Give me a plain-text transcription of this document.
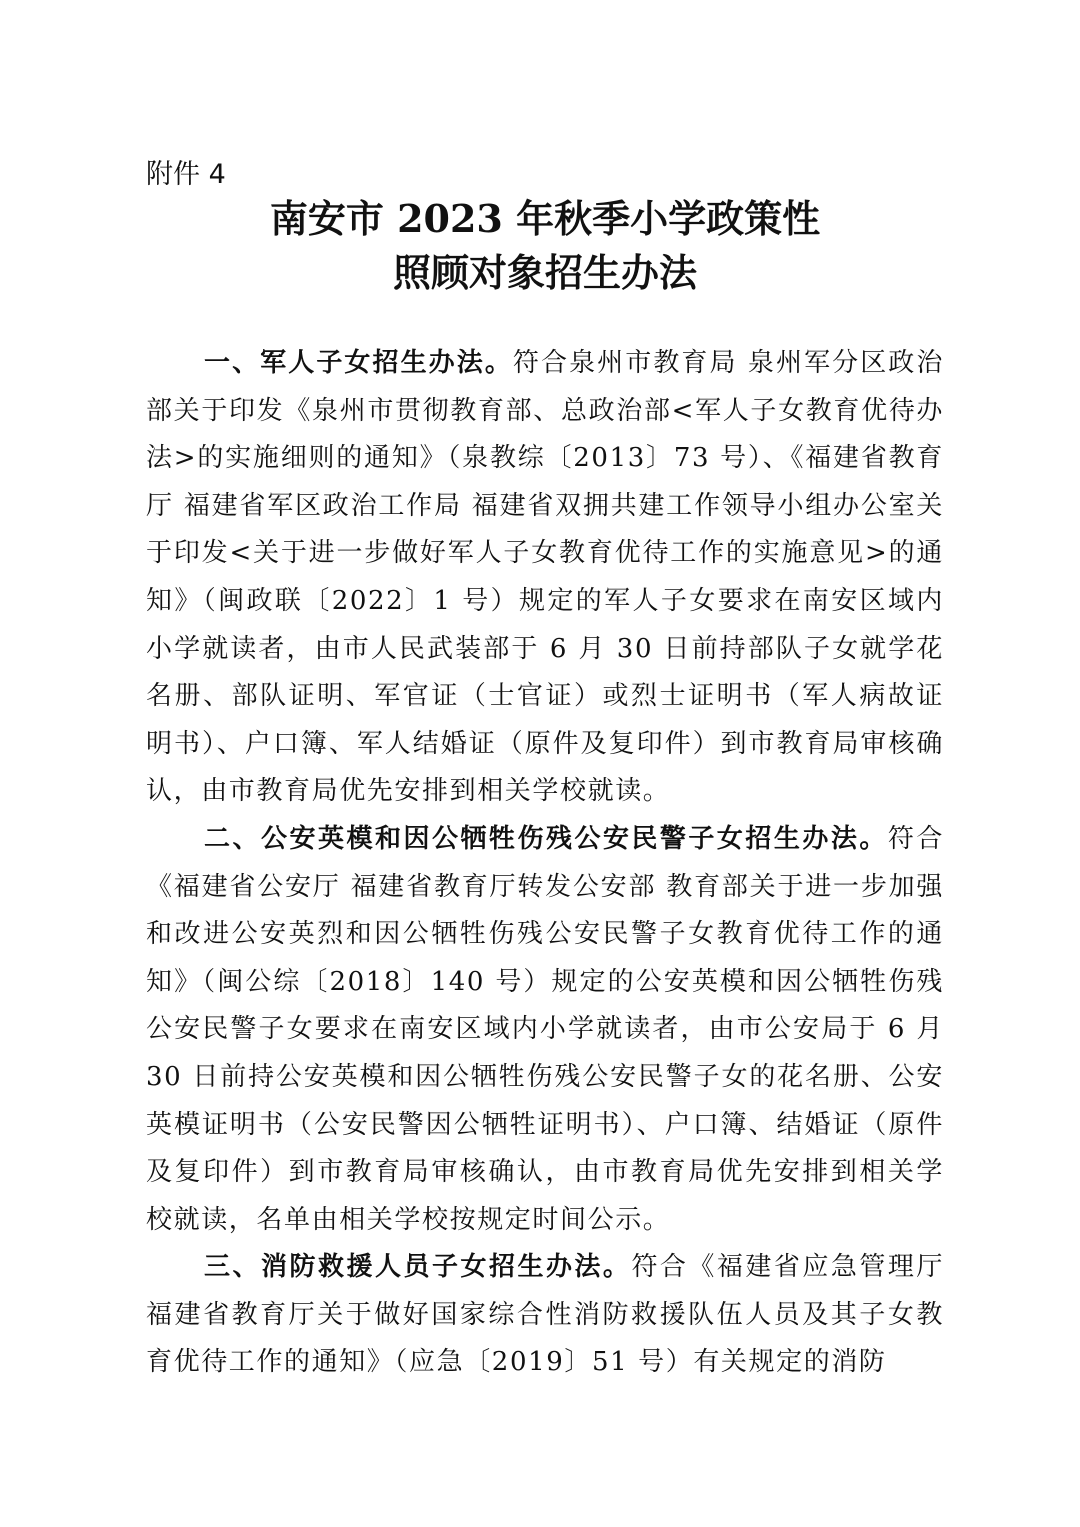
附件 4
南安市 2023 年秋季小学政策性
照顾对象招生办法

一、军人子女招生办法。符合泉州市教育局 泉州军分区政治部关于印发《泉州市贯彻教育部、总政治部<军人子女教育优待办法>的实施细则的通知》（泉教综〔2013〕73 号）、《福建省教育厅 福建省军区政治工作局 福建省双拥共建工作领导小组办公室关于印发<关于进一步做好军人子女教育优待工作的实施意见>的通知》（闽政联〔2022〕1 号）规定的军人子女要求在南安区域内小学就读者，由市人民武装部于 6 月 30 日前持部队子女就学花名册、部队证明、军官证（士官证）或烈士证明书（军人病故证明书）、户口簿、军人结婚证（原件及复印件）到市教育局审核确认，由市教育局优先安排到相关学校就读。

二、公安英模和因公牺牲伤残公安民警子女招生办法。符合《福建省公安厅 福建省教育厅转发公安部 教育部关于进一步加强和改进公安英烈和因公牺牲伤残公安民警子女教育优待工作的通知》（闽公综〔2018〕140 号）规定的公安英模和因公牺牲伤残公安民警子女要求在南安区域内小学就读者，由市公安局于 6 月 30 日前持公安英模和因公牺牲伤残公安民警子女的花名册、公安英模证明书（公安民警因公牺牲证明书）、户口簿、结婚证（原件及复印件）到市教育局审核确认，由市教育局优先安排到相关学校就读，名单由相关学校按规定时间公示。

三、消防救援人员子女招生办法。符合《福建省应急管理厅 福建省教育厅关于做好国家综合性消防救援队伍人员及其子女教育优待工作的通知》（应急〔2019〕51 号）有关规定的消防
